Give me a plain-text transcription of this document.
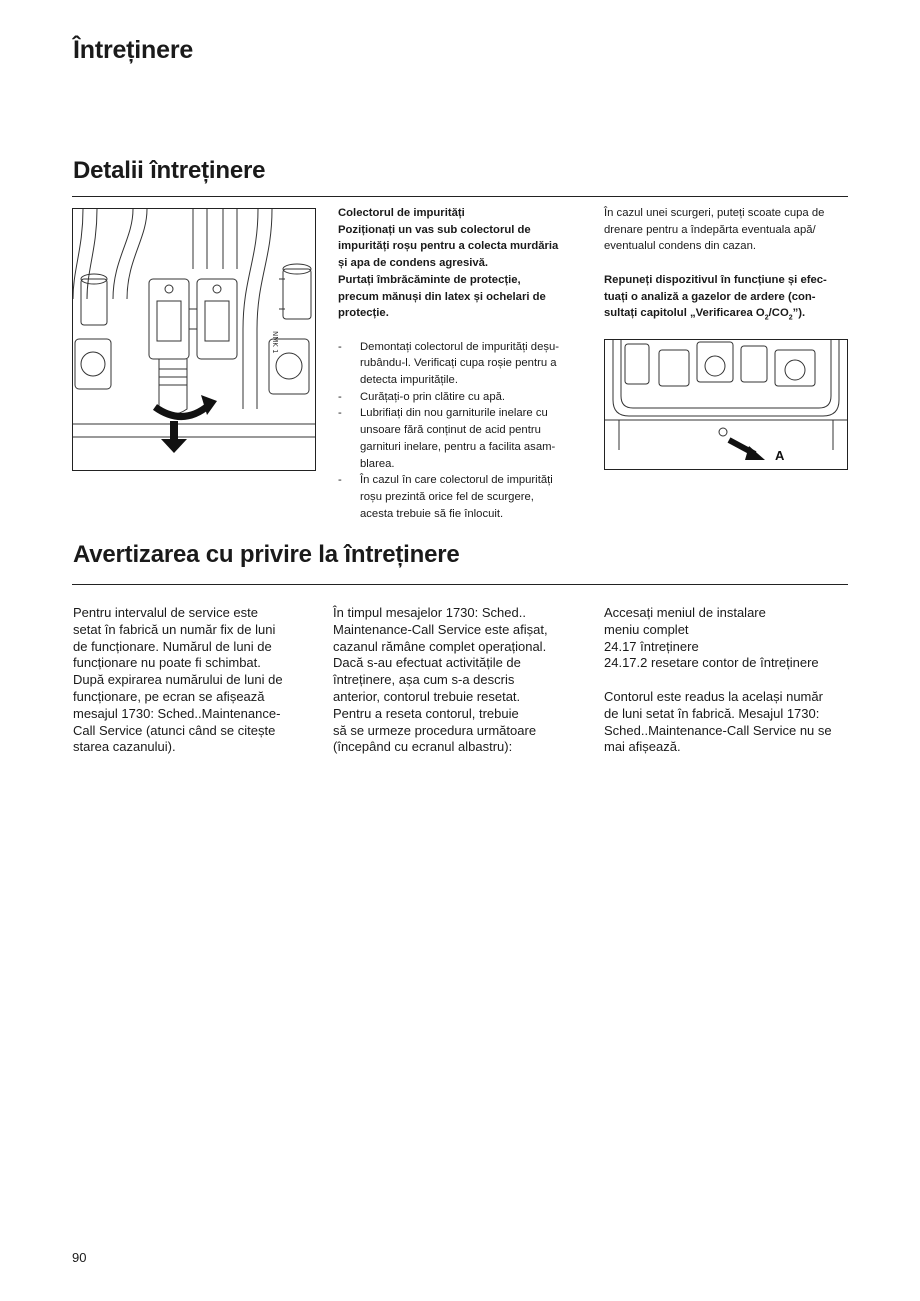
Întreținere
Detalii întreținere
NMK 1
Colectorul de impurități
Poziționați un vas sub colectorul de
impurități roșu pentru a colecta murdăria
și apa de condens agresivă.
Purtați îmbrăcăminte de protecție,
precum mănuși din latex și ochelari de
protecție.
- Demontați colectorul de impurități deșu-
rubându-l. Verificați cupa roșie pentru a
detecta impuritățile.
- Curățați-o prin clătire cu apă.
- Lubrifiați din nou garniturile inelare cu
unsoare fără conținut de acid pentru
garnituri inelare, pentru a facilita asam-
blarea.
- În cazul în care colectorul de impurități
roșu prezintă orice fel de scurgere,
acesta trebuie să fie înlocuit.
În cazul unei scurgeri, puteți scoate cupa de
drenare pentru a îndepărta eventuala apă/
eventualul condens din cazan.
Repuneți dispozitivul în funcțiune și efec-
tuați o analiză a gazelor de ardere (con-
sultați capitolul „Verificarea $O_2/CO_2$”).
A
Avertizarea cu privire la întreținere
Pentru intervalul de service este
setat în fabrică un număr fix de luni
de funcționare. Numărul de luni de
funcționare nu poate fi schimbat.
După expirarea numărului de luni de
funcționare, pe ecran se afișează
mesajul 1730: Sched..Maintenance-
Call Service (atunci când se citește
starea cazanului).
În timpul mesajelor 1730: Sched..
Maintenance-Call Service este afișat,
cazanul rămâne complet operațional.
Dacă s-au efectuat activitățile de
întreținere, așa cum s-a descris
anterior, contorul trebuie resetat.
Pentru a reseta contorul, trebuie
să se urmeze procedura următoare
(începând cu ecranul albastru):
Accesați meniul de instalare
meniu complet
24.17 întreținere
24.17.2 resetare contor de întreținere
Contorul este readus la același număr
de luni setat în fabrică. Mesajul 1730:
Sched..Maintenance-Call Service nu se
mai afișează.
90
